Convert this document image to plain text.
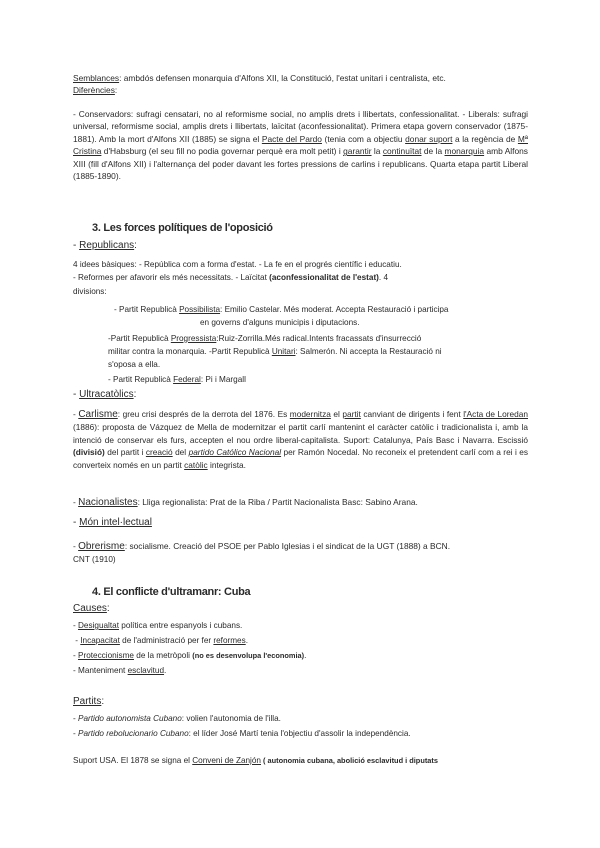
Semblances: ambdós defensen monarquia d'Alfons XII, la Constitució, l'estat unitari i centralista, etc.
Diferències:
- Conservadors: sufragi censatari, no al reformisme social, no amplis drets i llibertats, confessionalitat. - Liberals: sufragi universal, reformisme social, amplis drets i llibertats, laïcitat (aconfessionalitat). Primera etapa govern conservador (1875-1881). Amb la mort d'Alfons XII (1885) se signa el Pacte del Pardo (tenia com a objectiu donar suport a la regència de Mª Cristina d'Habsburg (el seu fill no podia governar perquè era molt petit) i garantir la continuïtat de la monarquia amb Alfons XIII (fill d'Alfons XII) i l'alternança del poder davant les fortes pressions de carlins i republicans. Quarta etapa partit Liberal (1885-1890).
3. Les forces polítiques de l'oposició
- Republicans:
4 idees bàsiques: - República com a forma d'estat. - La fe en el progrés científic i educatiu.
- Reformes per afavorir els més necessitats. - Laïcitat (aconfessionalitat de l'estat). 4
divisions:
- Partit Republicà Possibilista: Emilio Castelar. Més moderat. Accepta Restauració i participa
en governs d'alguns municipis i diputacions.
-Partit Republicà Progressista:Ruiz-Zorrilla.Més radical.Intents fracassats d'insurrecció
militar contra la monarquia. -Partit Republicà Unitari: Salmerón. Ni accepta la Restauració ni
s'oposa a ella.
- Partit Republicà Federal: Pi i Margall
- Ultracatòlics:
- Carlisme: greu crisi després de la derrota del 1876. Es modernitza el partit canviant de dirigents i fent l'Acta de Loredan (1886): proposta de Vázquez de Mella de modernitzar el partit carlí mantenint el caràcter catòlic i tradicionalista i, amb la intenció de conservar els furs, accepten el nou ordre liberal-capitalista. Suport: Catalunya, País Basc i Navarra. Escissió (divisió) del partit i creació del partido Católico Nacional per Ramón Nocedal. No reconeix el pretendent carlí com a rei i es converteix només en un partit catòlic integrista.
- Nacionalistes: Lliga regionalista: Prat de la Riba / Partit Nacionalista Basc: Sabino Arana.
- Món intel·lectual
- Obrerisme: socialisme. Creació del PSOE per Pablo Iglesias i el sindicat de la UGT (1888) a BCN.
CNT (1910)
4. El conflicte d'ultramanr: Cuba
Causes:
- Desigualtat política entre espanyols i cubans.
- Incapacitat de l'administració per fer reformes.
- Proteccionisme de la metròpoli (no es desenvolupa l'economia).
- Manteniment esclavitud.
Partits:
- Partido autonomista Cubano: volien l'autonomia de l'illa.
- Partido rebolucionario Cubano: el líder José Martí tenia l'objectiu d'assolir la independència.
Suport USA. El 1878 se signa el Conveni de Zanjón ( autonomia cubana, abolició esclavitud i diputats
